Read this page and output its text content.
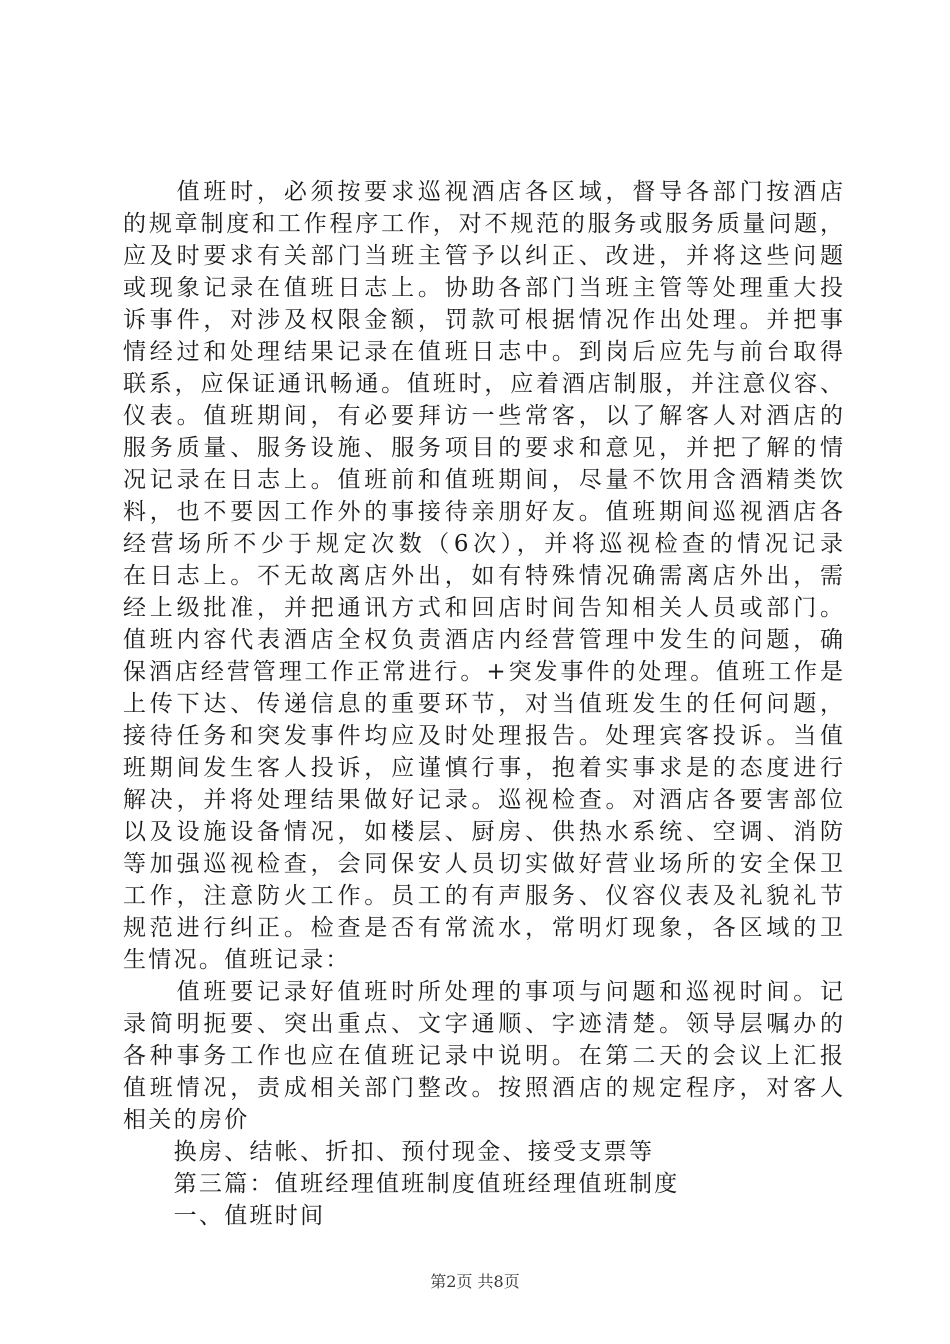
　　值班时，必须按要求巡视酒店各区域，督导各部门按酒店

的规章制度和工作程序工作，对不规范的服务或服务质量问题，

应及时要求有关部门当班主管予以纠正、改进，并将这些问题

或现象记录在值班日志上。协助各部门当班主管等处理重大投

诉事件，对涉及权限金额，罚款可根据情况作出处理。并把事

情经过和处理结果记录在值班日志中。到岗后应先与前台取得

联系，应保证通讯畅通。值班时，应着酒店制服，并注意仪容、

仪表。值班期间，有必要拜访一些常客，以了解客人对酒店的

服务质量、服务设施、服务项目的要求和意见，并把了解的情

况记录在日志上。值班前和值班期间，尽量不饮用含酒精类饮

料，也不要因工作外的事接待亲朋好友。值班期间巡视酒店各

经营场所不少于规定次数（6次），并将巡视检查的情况记录

在日志上。不无故离店外出，如有特殊情况确需离店外出，需

经上级批准，并把通讯方式和回店时间告知相关人员或部门。

值班内容代表酒店全权负责酒店内经营管理中发生的问题，确

保酒店经营管理工作正常进行。+突发事件的处理。值班工作是

上传下达、传递信息的重要环节，对当值班发生的任何问题，

接待任务和突发事件均应及时处理报告。处理宾客投诉。当值

班期间发生客人投诉，应谨慎行事，抱着实事求是的态度进行

解决，并将处理结果做好记录。巡视检查。对酒店各要害部位

以及设施设备情况，如楼层、厨房、供热水系统、空调、消防

等加强巡视检查，会同保安人员切实做好营业场所的安全保卫

工作，注意防火工作。员工的有声服务、仪容仪表及礼貌礼节

规范进行纠正。检查是否有常流水，常明灯现象，各区域的卫

生情况。值班记录：

　　值班要记录好值班时所处理的事项与问题和巡视时间。记

录简明扼要、突出重点、文字通顺、字迹清楚。领导层嘱办的

各种事务工作也应在值班记录中说明。在第二天的会议上汇报

值班情况，责成相关部门整改。按照酒店的规定程序，对客人

相关的房价

　　换房、结帐、折扣、预付现金、接受支票等

　　第三篇：值班经理值班制度值班经理值班制度

　　一、值班时间

第2页 共8页
